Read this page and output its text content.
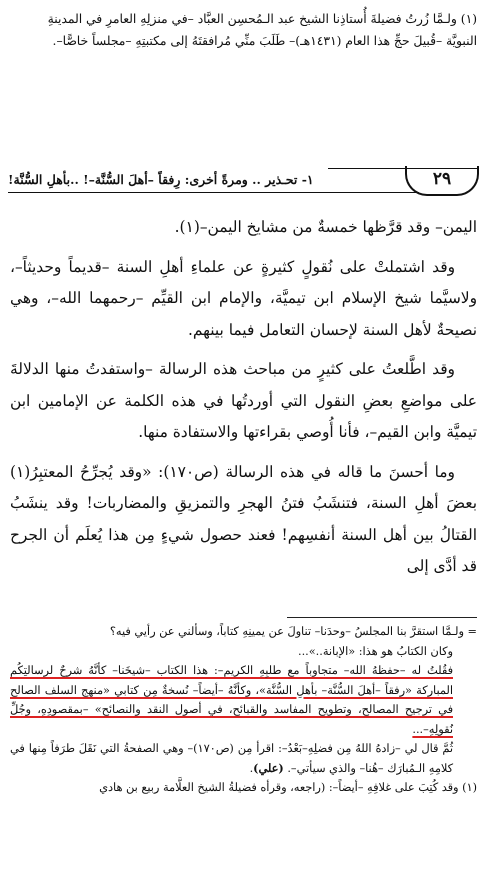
(١) ولـمَّا زُرتُ فضيلةَ أُستاذِنا الشيخ عبد الـمُحسِن العبَّاد –في منزلِهِ العامرِ في المدينةِ

النبويَّة –قُبيلَ حجِّ هذا العام (١٤٣١هـ)– طَلَبَ منِّي مُرافقتَهُ إلى مكتبتِهِ –مجلساً خاصًّا–.

٢٩
١- تحـذير .. ومرةً أخرى: رِفقاً –أهلَ السُّنَّة–! ..بأهلِ السُّنَّة!

اليمن– وقد قرَّظها خمسةٌ من مشايخ اليمن–(١).

وقد اشتملتْ على نُقولٍ كثيرةٍ عن علماءِ أهلِ السنة –قديماً وحديثاً–، ولاسيَّما شيخ الإسلام ابن تيميَّة، والإمام ابن القيِّم –رحمهما الله–، وهي نصيحةٌ لأهل السنة لإحسان التعامل فيما بينهم.

وقد اطَّلعتُ على كثيرٍ من مباحث هذه الرسالة –واستفدتُ منها الدلالةَ على مواضعِ بعضِ النقول التي أوردتُها في هذه الكلمة عن الإمامين ابن تيميَّة وابن القيم–، فأنا أُوصي بقراءتها والاستفادة منها.

وما أحسنَ ما قاله في هذه الرسالة (ص١٧٠): «وقد يُجرِّحُ المعتبِرُ(١) بعضَ أهلِ السنة، فتنشَبُ فتنُ الهجرِ والتمزيقِ والمضاربات! وقد ينشَبُ القتالُ بين أهل السنة أنفسِهم! فعند حصول شيءٍ مِن هذا يُعلَم أن الجرح قد أدَّى إلى

= ولـمَّا استقرَّ بنا المجلسُ –وحدَنا– تناولَ عن يمينِهِ كتاباً، وسألني عن رأيي فيه؟

وكان الكتابُ هو هذا: «الإبانة..»...

فقُلتُ له –حفظهُ الله– متجاوباً مع طلبِهِ الكريم–: هذا الكتاب –شيخَنا– كأنَّهُ شرحٌ لرسالتِكُم المباركة «رفقاً –أهلَ السُّنَّة– بأهلِ السُّنَّة»، وكأنَّهُ –أيضاً– نُسخةٌ مِن كتابي «منهج السلف الصالح في ترجيح المصالح، وتطويح المفاسد والقبائح، في أصول النقد والنصائح» –بمقصودِهِ، وجُلِّ نُقولِهِ–...

ثُمَّ قال لي –زادهُ اللهُ مِن فضلِهِ–بَعْدُ–: اقرأ مِن (ص١٧٠)– وهي الصفحةُ التي نَقَلَ طرَفاً مِنها في كلامِهِ الـمُبارَك –هُنا– والذي سيأتي–. (علي).

(١) وقد كُتِبَ على غلافِهِ –أيضاً–: (راجعه، وقرأه فضيلةُ الشيخ العلَّامة ربيع بن هادي
